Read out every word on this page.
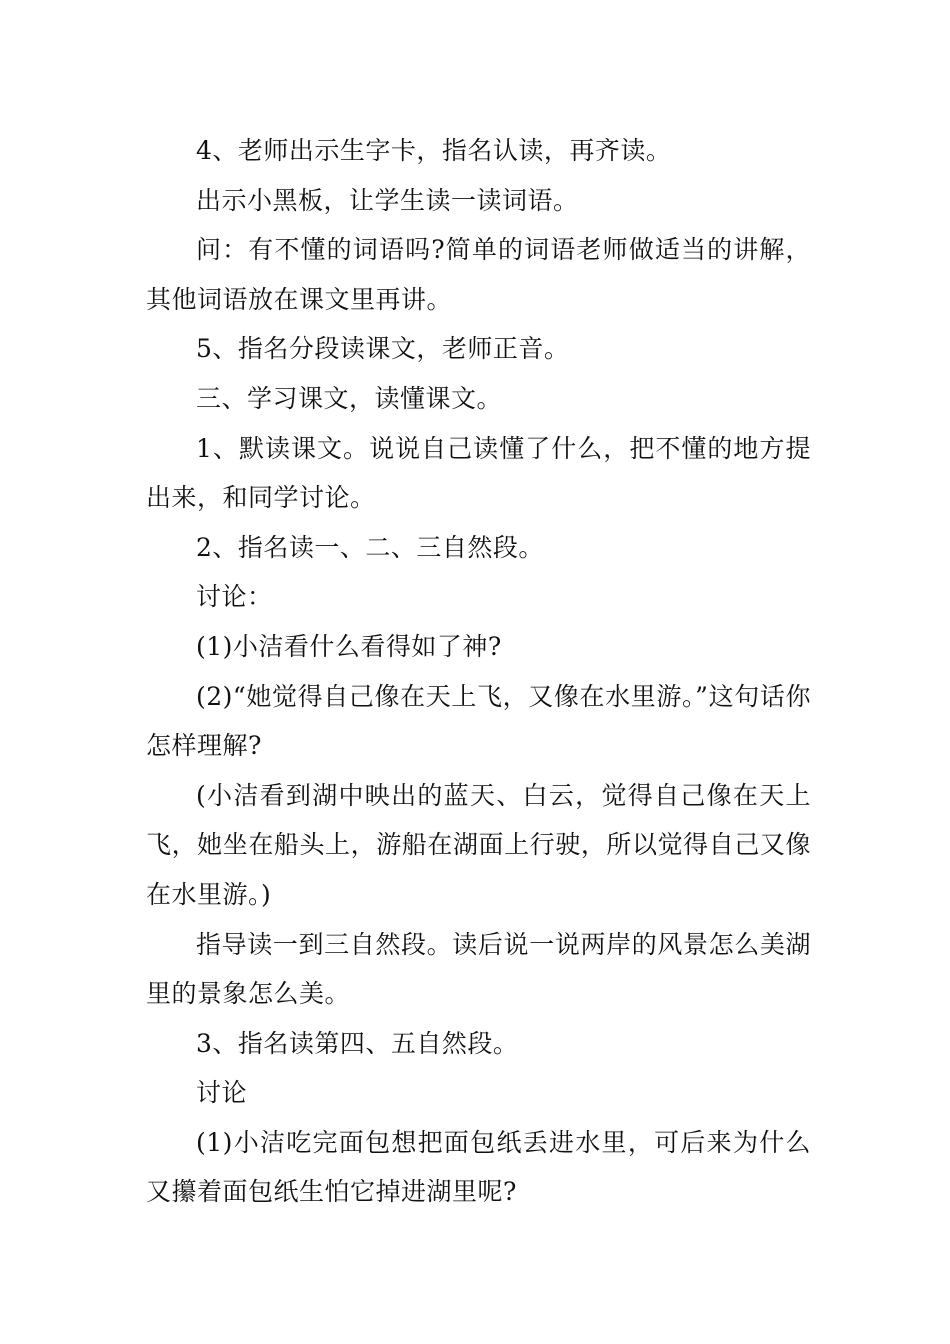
4、老师出示生字卡，指名认读，再齐读。

出示小黑板，让学生读一读词语。

问：有不懂的词语吗?简单的词语老师做适当的讲解，其他词语放在课文里再讲。

5、指名分段读课文，老师正音。

三、学习课文，读懂课文。

1、默读课文。说说自己读懂了什么，把不懂的地方提出来，和同学讨论。

2、指名读一、二、三自然段。

讨论：

(1)小洁看什么看得如了神?

(2)“她觉得自己像在天上飞，又像在水里游。”这句话你怎样理解?

(小洁看到湖中映出的蓝天、白云，觉得自己像在天上飞，她坐在船头上，游船在湖面上行驶，所以觉得自己又像在水里游。)

指导读一到三自然段。读后说一说两岸的风景怎么美湖里的景象怎么美。

3、指名读第四、五自然段。

讨论

(1)小洁吃完面包想把面包纸丢进水里，可后来为什么又攥着面包纸生怕它掉进湖里呢?
